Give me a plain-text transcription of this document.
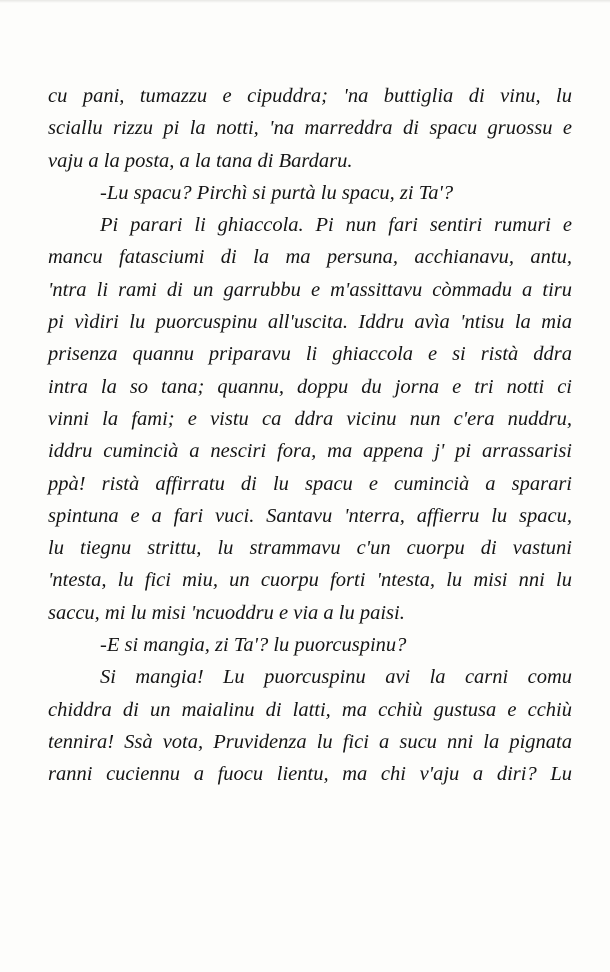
cu pani, tumazzu e cipuddra; 'na buttiglia di vinu, lu
sciallu rizzu pi la notti, 'na marreddra di spacu gruossu e
vaju a la posta, a la tana di Bardaru.
-Lu spacu? Pirchì si purtà lu spacu, zi Ta'?
Pi parari li ghiaccola. Pi nun fari sentiri rumuri e
mancu fatasciumi di la ma persuna, acchianavu, antu,
'ntra li rami di un garrubbu e m'assittavu còmmadu a tiru
pi vìdiri lu puorcuspinu all'uscita. Iddru avìa 'ntisu la mia
prisenza quannu priparavu li ghiaccola e si ristà ddra
intra la so tana; quannu, doppu du jorna e tri notti ci
vinni la fami; e vistu ca ddra vicinu nun c'era nuddru,
iddru cumincià a nesciri fora, ma appena j' pi arrassarisi
ppà! ristà affirratu di lu spacu e cumincià a sparari
spintuna e a fari vuci. Santavu 'nterra, affierru lu spacu,
lu tiegnu strittu, lu strammavu c'un cuorpu di vastuni
'ntesta, lu fici miu, un cuorpu forti 'ntesta, lu misi nni lu
saccu, mi lu misi 'ncuoddru e via a lu paisi.
-E si mangia, zi Ta'? lu puorcuspinu?
Si mangia! Lu puorcuspinu avi la carni comu
chiddra di un maialinu di latti, ma cchiù gustusa e cchiù
tennira! Ssà vota, Pruvidenza lu fici a sucu nni la pignata
ranni cuciennu a fuocu lientu, ma chi v'aju a diri? Lu
